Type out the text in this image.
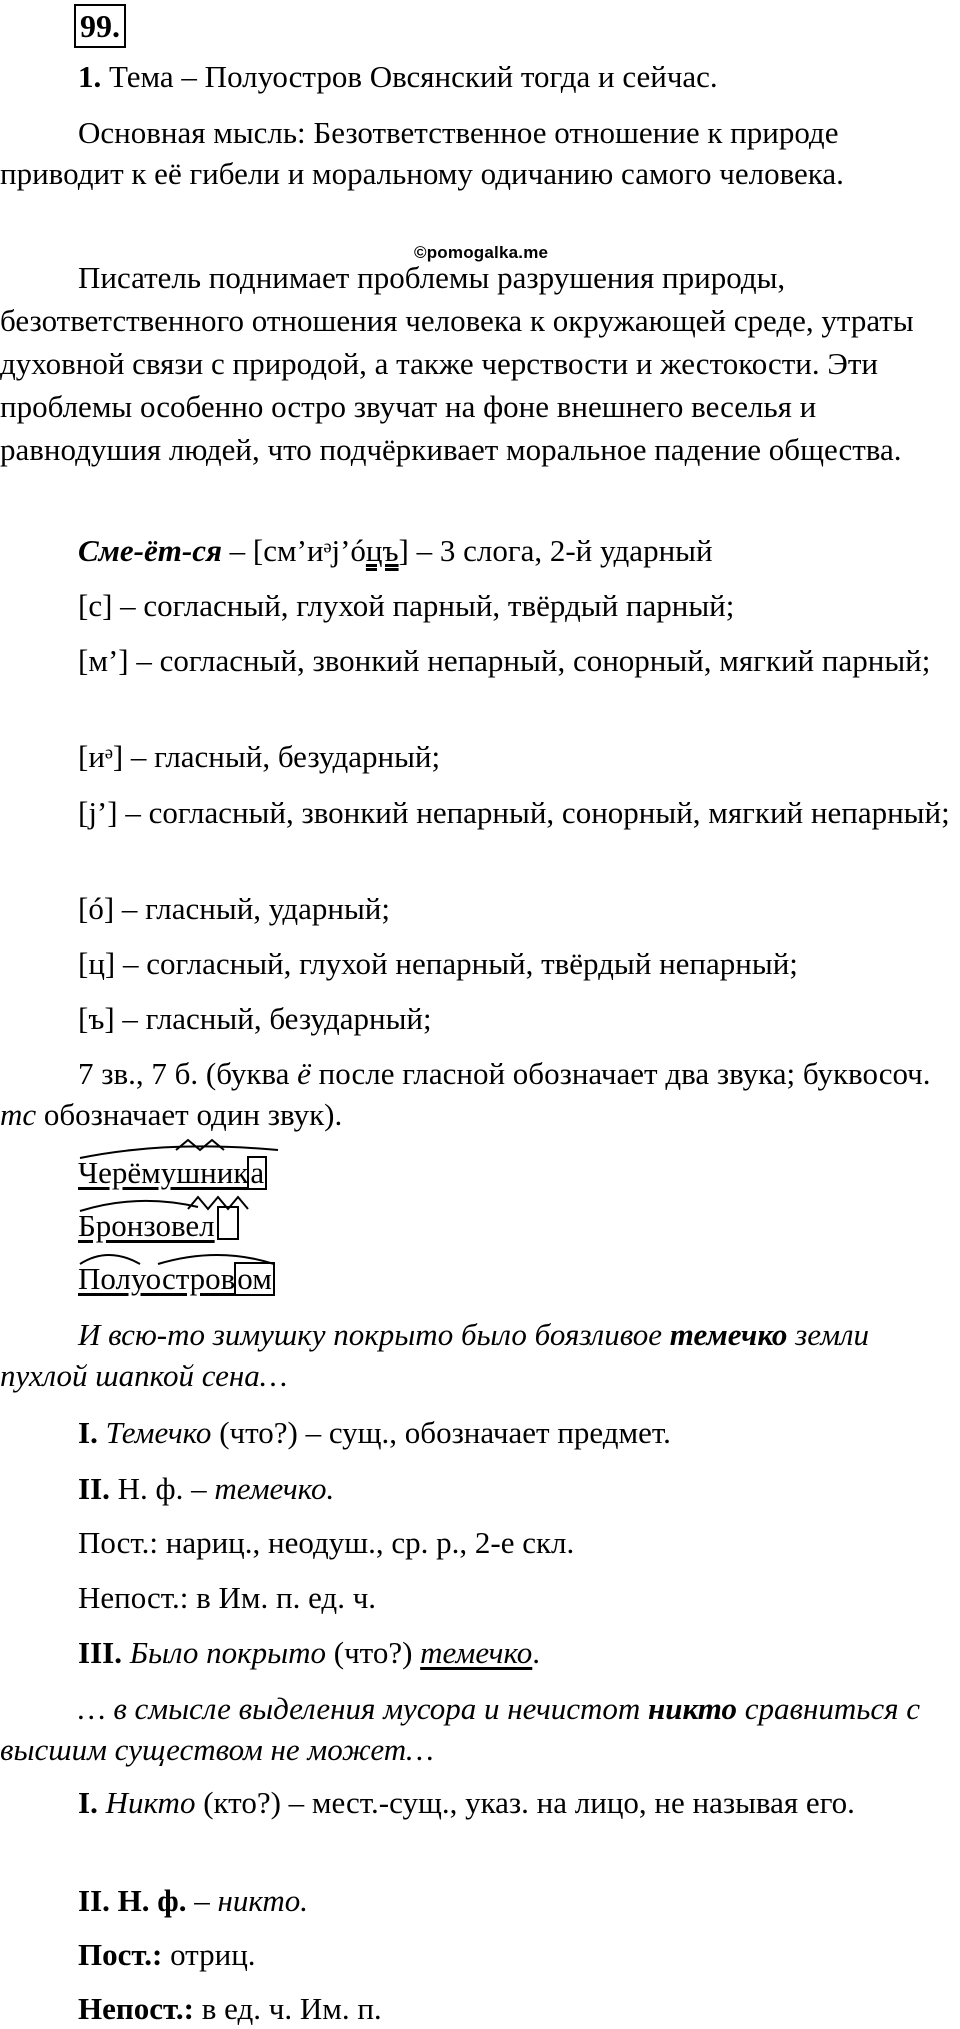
99.

1. Тема – Полуостров Овсянский тогда и сейчас.

Основная мысль: Безответственное отношение к природе приводит к её гибели и моральному одичанию самого человека.

©pomogalka.me

Писатель поднимает проблемы разрушения природы, безответственного отношения человека к окружающей среде, утраты духовной связи с природой, а также черствости и жестокости. Эти проблемы особенно остро звучат на фоне внешнего веселья и равнодушия людей, что подчёркивает моральное падение общества.

Сме-ёт-ся – [см’иᵊj’óцъ] – 3 слога, 2-й ударный

[с] – согласный, глухой парный, твёрдый парный;

[м’] – согласный, звонкий непарный, сонорный, мягкий парный;

[иᵊ] – гласный, безударный;

[j’] – согласный, звонкий непарный, сонорный, мягкий непарный;

[ó] – гласный, ударный;

[ц] – согласный, глухой непарный, твёрдый непарный;

[ъ] – гласный, безударный;

7 зв., 7 б. (буква ё после гласной обозначает два звука; буквосоч. тс обозначает один звук).

Черёмушника
Бронзовел
Полуостровом

И всю-то зимушку покрыто было боязливое темечко земли пухлой шапкой сена…

I. Темечко (что?) – сущ., обозначает предмет.

II. Н. ф. – темечко.

Пост.: нариц., неодуш., ср. р., 2-е скл.

Непост.: в Им. п. ед. ч.

III. Было покрыто (что?) темечко.

… в смысле выделения мусора и нечистот никто сравниться с высшим существом не может…

I. Никто (кто?) – мест.-сущ., указ. на лицо, не называя его.

II. Н. ф. – никто.

Пост.: отриц.

Непост.: в ед. ч. Им. п.
